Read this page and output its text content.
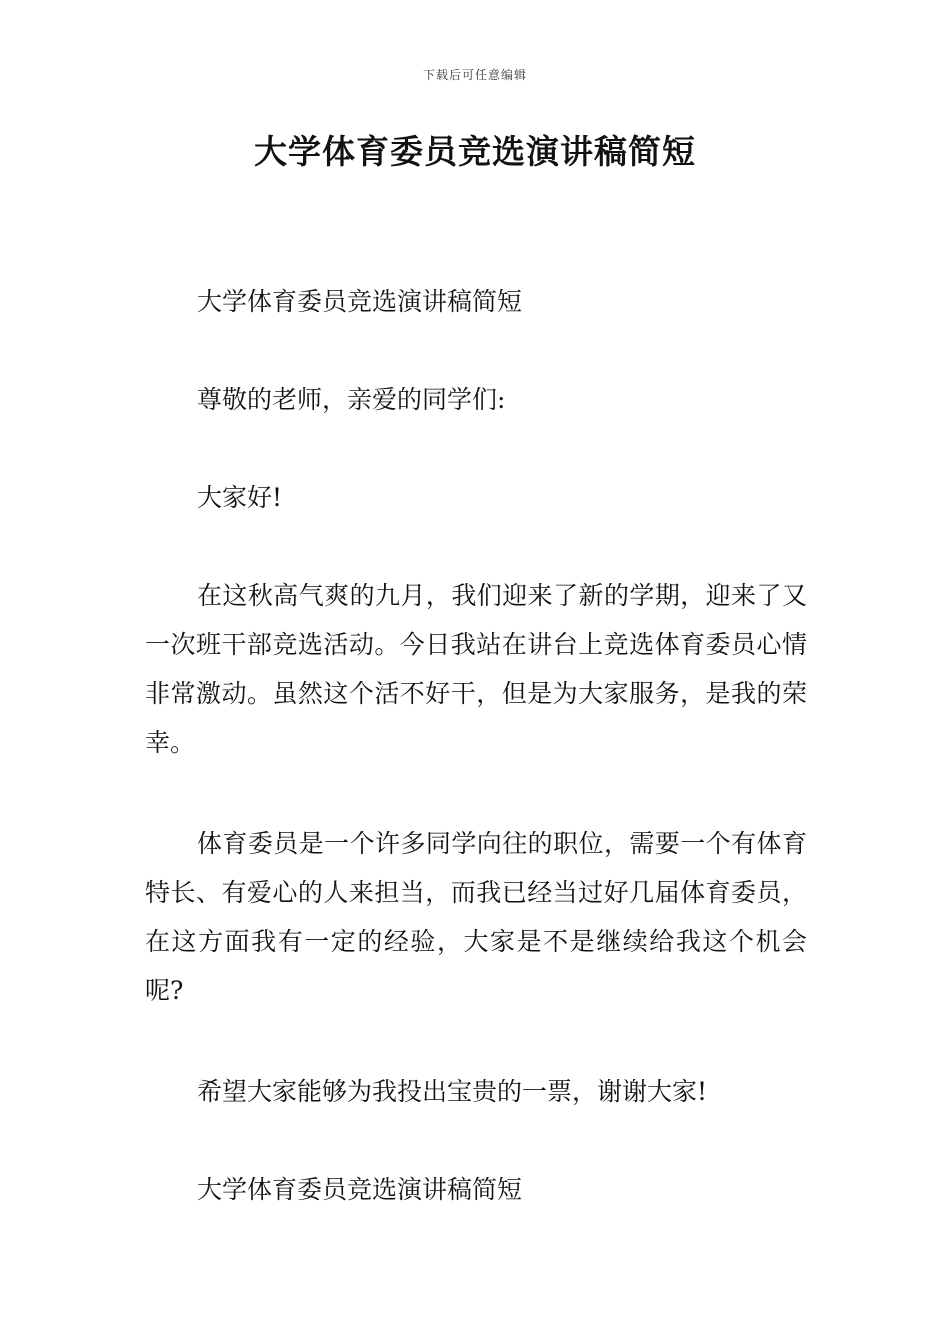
下载后可任意编辑
大学体育委员竞选演讲稿简短

大学体育委员竞选演讲稿简短

尊敬的老师，亲爱的同学们:

大家好!

在这秋高气爽的九月，我们迎来了新的学期，迎来了又一次班干部竞选活动。今日我站在讲台上竞选体育委员心情非常激动。虽然这个活不好干，但是为大家服务，是我的荣幸。

体育委员是一个许多同学向往的职位，需要一个有体育特长、有爱心的人来担当，而我已经当过好几届体育委员，在这方面我有一定的经验，大家是不是继续给我这个机会呢?

希望大家能够为我投出宝贵的一票，谢谢大家!

大学体育委员竞选演讲稿简短
